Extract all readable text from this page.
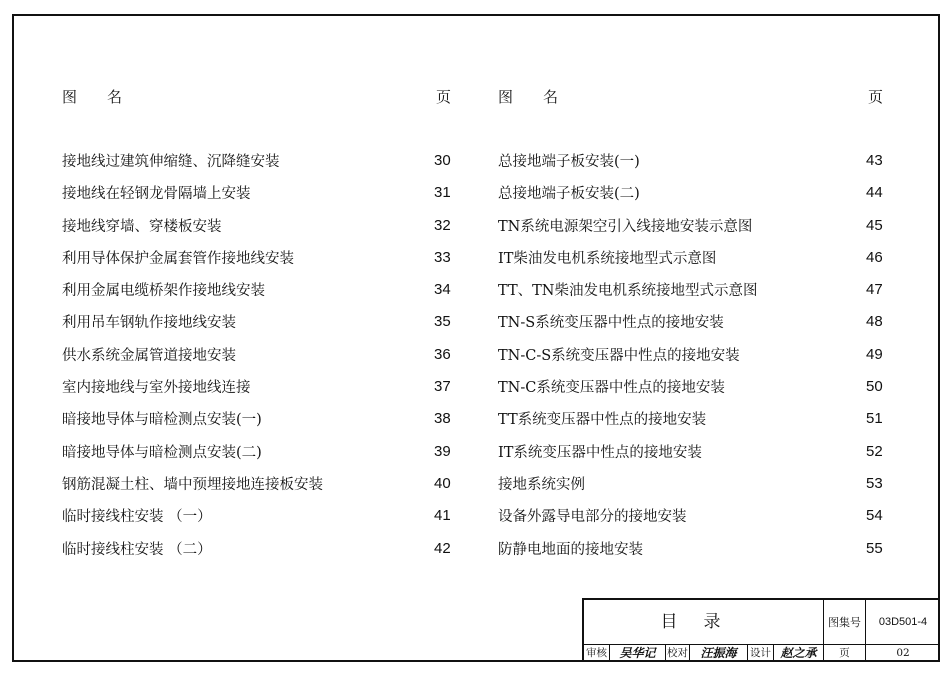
图名	页	图名	页
接地线过建筑伸缩缝、沉降缝安装	30
接地线在轻钢龙骨隔墙上安装	31
接地线穿墙、穿楼板安装	32
利用导体保护金属套管作接地线安装	33
利用金属电缆桥架作接地线安装	34
利用吊车钢轨作接地线安装	35
供水系统金属管道接地安装	36
室内接地线与室外接地线连接	37
暗接地导体与暗检测点安装(一)	38
暗接地导体与暗检测点安装(二)	39
钢筋混凝土柱、墙中预埋接地连接板安装	40
临时接线柱安装 （一）	41
临时接线柱安装 （二）	42
总接地端子板安装(一)	43
总接地端子板安装(二)	44
TN系统电源架空引入线接地安装示意图	45
IT柴油发电机系统接地型式示意图	46
TT、TN柴油发电机系统接地型式示意图	47
TN-S系统变压器中性点的接地安装	48
TN-C-S系统变压器中性点的接地安装	49
TN-C系统变压器中性点的接地安装	50
TT系统变压器中性点的接地安装	51
IT系统变压器中性点的接地安装	52
接地系统实例	53
设备外露导电部分的接地安装	54
防静电地面的接地安装	55
目录	图集号	03D501-4
审核	吴华记	校对	汪振海	设计 赵之承	页	02
